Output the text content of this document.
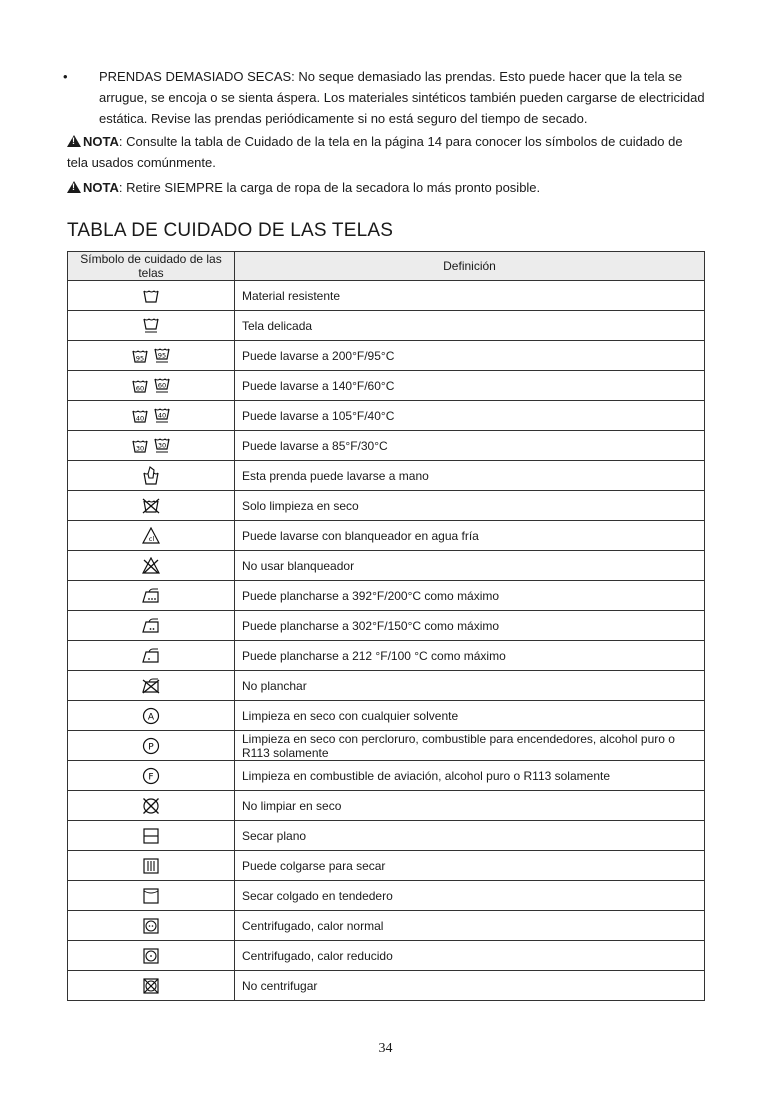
• PRENDAS DEMASIADO SECAS: No seque demasiado las prendas. Esto puede hacer que la tela se arrugue, se encoja o se sienta áspera. Los materiales sintéticos también pueden cargarse de electricidad estática. Revise las prendas periódicamente si no está seguro del tiempo de secado.
!NOTA: Consulte la tabla de Cuidado de la tela en la página 14 para conocer los símbolos de cuidado de tela usados comúnmente.
!NOTA: Retire SIEMPRE la carga de ropa de la secadora lo más pronto posible.
TABLA DE CUIDADO DE LAS TELAS
Símbolo de cuidado de las telas	Definición
	Material resistente
	Tela delicada

95
95	Puede lavarse a 200°F/95°C

60
60	Puede lavarse a 140°F/60°C

40
40	Puede lavarse a 105°F/40°C

30
30	Puede lavarse a 85°F/30°C
	Esta prenda puede lavarse a mano
	Solo limpieza en seco

cl	Puede lavarse con blanqueador en agua fría
	No usar blanqueador
	Puede plancharse a 392°F/200°C como máximo
	Puede plancharse a 302°F/150°C como máximo
	Puede plancharse a 212 °F/100 °C como máximo
	No planchar

A	Limpieza en seco con cualquier solvente

P	Limpieza en seco con percloruro, combustible para encendedores, alcohol puro o R113 solamente

F	Limpieza en combustible de aviación, alcohol puro o R113 solamente
	No limpiar en seco
	Secar plano
	Puede colgarse para secar
	Secar colgado en tendedero
	Centrifugado, calor normal
	Centrifugado, calor reducido
	No centrifugar
34
